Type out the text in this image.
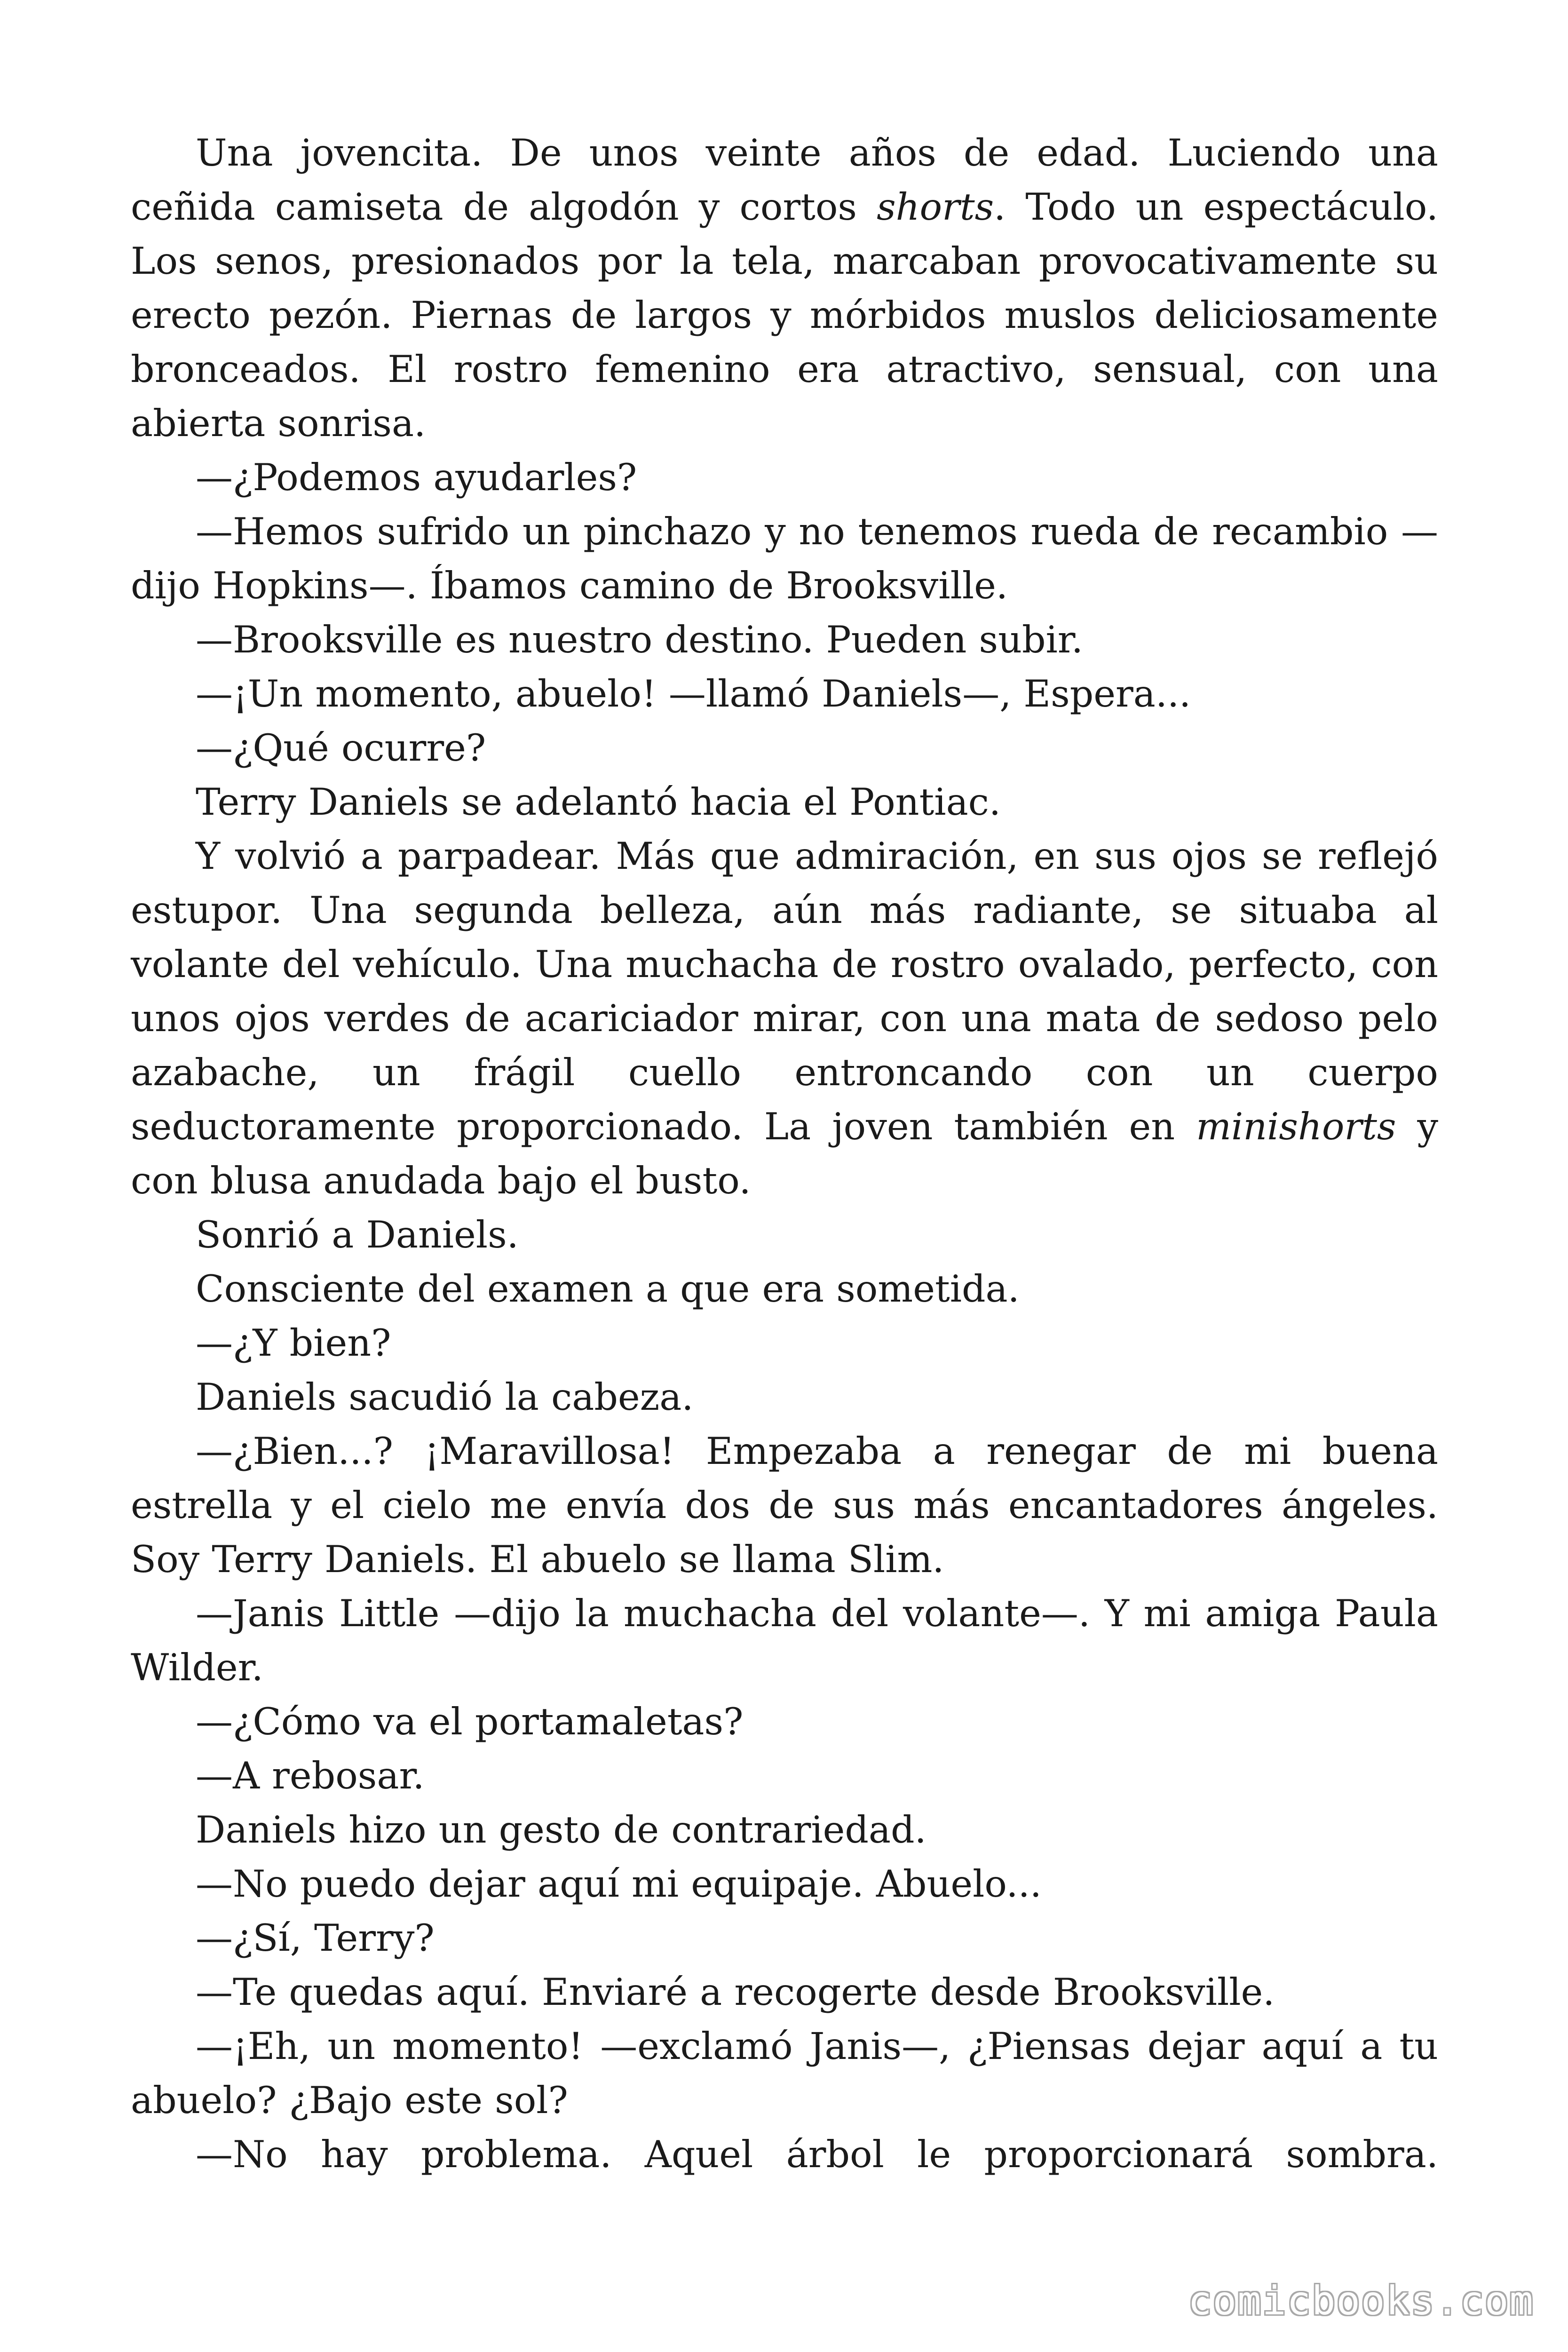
Una jovencita. De unos veinte años de edad. Luciendo una ceñida camiseta de algodón y cortos shorts. Todo un espectáculo. Los senos, presionados por la tela, marcaban provocativamente su erecto pezón. Piernas de largos y mórbidos muslos deliciosamente bronceados. El rostro femenino era atractivo, sensual, con una abierta sonrisa.

—¿Podemos ayudarles?

—Hemos sufrido un pinchazo y no tenemos rueda de recambio — dijo Hopkins—. Íbamos camino de Brooksville.

—Brooksville es nuestro destino. Pueden subir.

—¡Un momento, abuelo! —llamó Daniels—, Espera...

—¿Qué ocurre?

Terry Daniels se adelantó hacia el Pontiac.

Y volvió a parpadear. Más que admiración, en sus ojos se reflejó estupor. Una segunda belleza, aún más radiante, se situaba al volante del vehículo. Una muchacha de rostro ovalado, perfecto, con unos ojos verdes de acariciador mirar, con una mata de sedoso pelo azabache, un frágil cuello entroncando con un cuerpo seductoramente proporcionado. La joven también en minishorts y con blusa anudada bajo el busto.

Sonrió a Daniels.

Consciente del examen a que era sometida.

—¿Y bien?

Daniels sacudió la cabeza.

—¿Bien...? ¡Maravillosa! Empezaba a renegar de mi buena estrella y el cielo me envía dos de sus más encantadores ángeles. Soy Terry Daniels. El abuelo se llama Slim.

—Janis Little —dijo la muchacha del volante—. Y mi amiga Paula Wilder.

—¿Cómo va el portamaletas?

—A rebosar.

Daniels hizo un gesto de contrariedad.

—No puedo dejar aquí mi equipaje. Abuelo...

—¿Sí, Terry?

—Te quedas aquí. Enviaré a recogerte desde Brooksville.

—¡Eh, un momento! —exclamó Janis—, ¿Piensas dejar aquí a tu abuelo? ¿Bajo este sol?

—No hay problema. Aquel árbol le proporcionará sombra.

comicbooks.com
